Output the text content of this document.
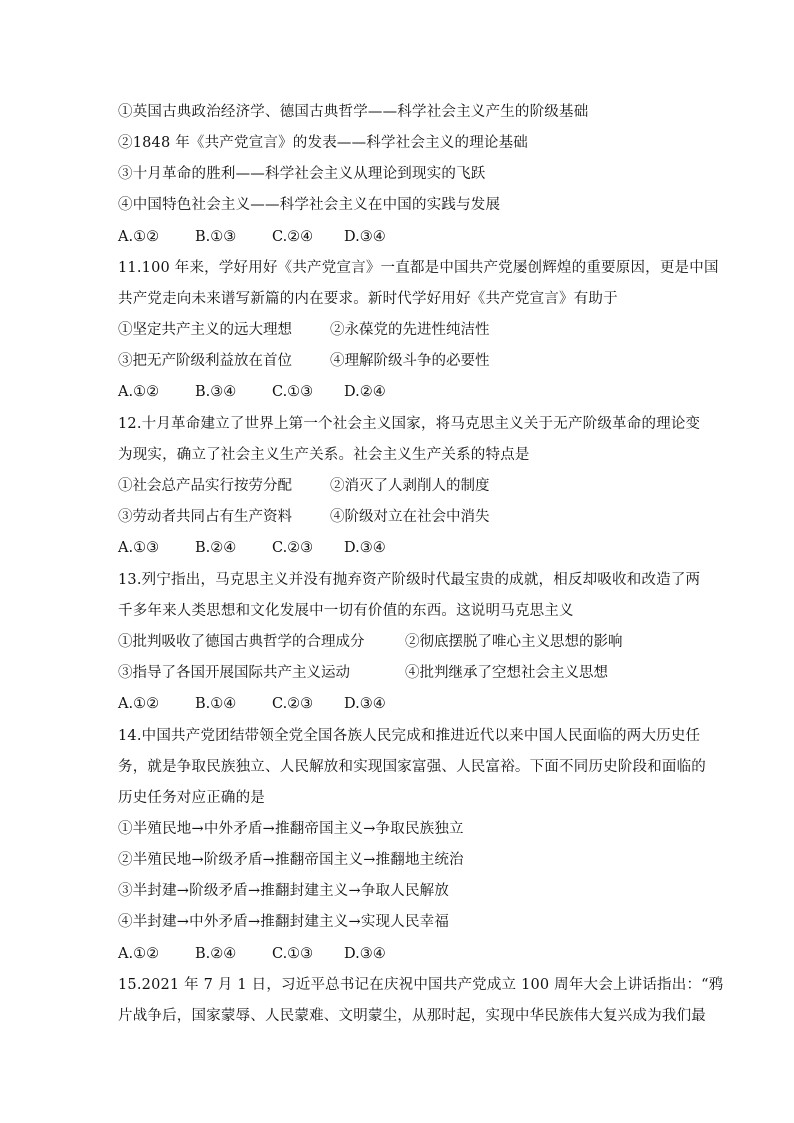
①英国古典政治经济学、德国古典哲学——科学社会主义产生的阶级基础
②1848 年《共产党宣言》的发表——科学社会主义的理论基础
③十月革命的胜利——科学社会主义从理论到现实的飞跃
④中国特色社会主义——科学社会主义在中国的实践与发展
A.①② B.①③ C.②④ D.③④
11.100 年来，学好用好《共产党宣言》一直都是中国共产党屡创辉煌的重要原因，更是中国
共产党走向未来谱写新篇的内在要求。新时代学好用好《共产党宣言》有助于
①坚定共产主义的远大理想	②永葆党的先进性纯洁性
③把无产阶级利益放在首位	④理解阶级斗争的必要性
A.①② B.③④ C.①③ D.②④
12.十月革命建立了世界上第一个社会主义国家，将马克思主义关于无产阶级革命的理论变
为现实，确立了社会主义生产关系。社会主义生产关系的特点是
①社会总产品实行按劳分配	②消灭了人剥削人的制度
③劳动者共同占有生产资料	④阶级对立在社会中消失
A.①③ B.②④ C.②③ D.③④
13.列宁指出，马克思主义并没有抛弃资产阶级时代最宝贵的成就，相反却吸收和改造了两
千多年来人类思想和文化发展中一切有价值的东西。这说明马克思主义
①批判吸收了德国古典哲学的合理成分	②彻底摆脱了唯心主义思想的影响
③指导了各国开展国际共产主义运动	④批判继承了空想社会主义思想
A.①② B.①④ C.②③ D.③④
14.中国共产党团结带领全党全国各族人民完成和推进近代以来中国人民面临的两大历史任
务，就是争取民族独立、人民解放和实现国家富强、人民富裕。下面不同历史阶段和面临的
历史任务对应正确的是
①半殖民地→中外矛盾→推翻帝国主义→争取民族独立
②半殖民地→阶级矛盾→推翻帝国主义→推翻地主统治
③半封建→阶级矛盾→推翻封建主义→争取人民解放
④半封建→中外矛盾→推翻封建主义→实现人民幸福
A.①② B.②④ C.①③ D.③④
15.2021 年 7 月 1 日，习近平总书记在庆祝中国共产党成立 100 周年大会上讲话指出：“鸦
片战争后，国家蒙辱、人民蒙难、文明蒙尘，从那时起，实现中华民族伟大复兴成为我们最
